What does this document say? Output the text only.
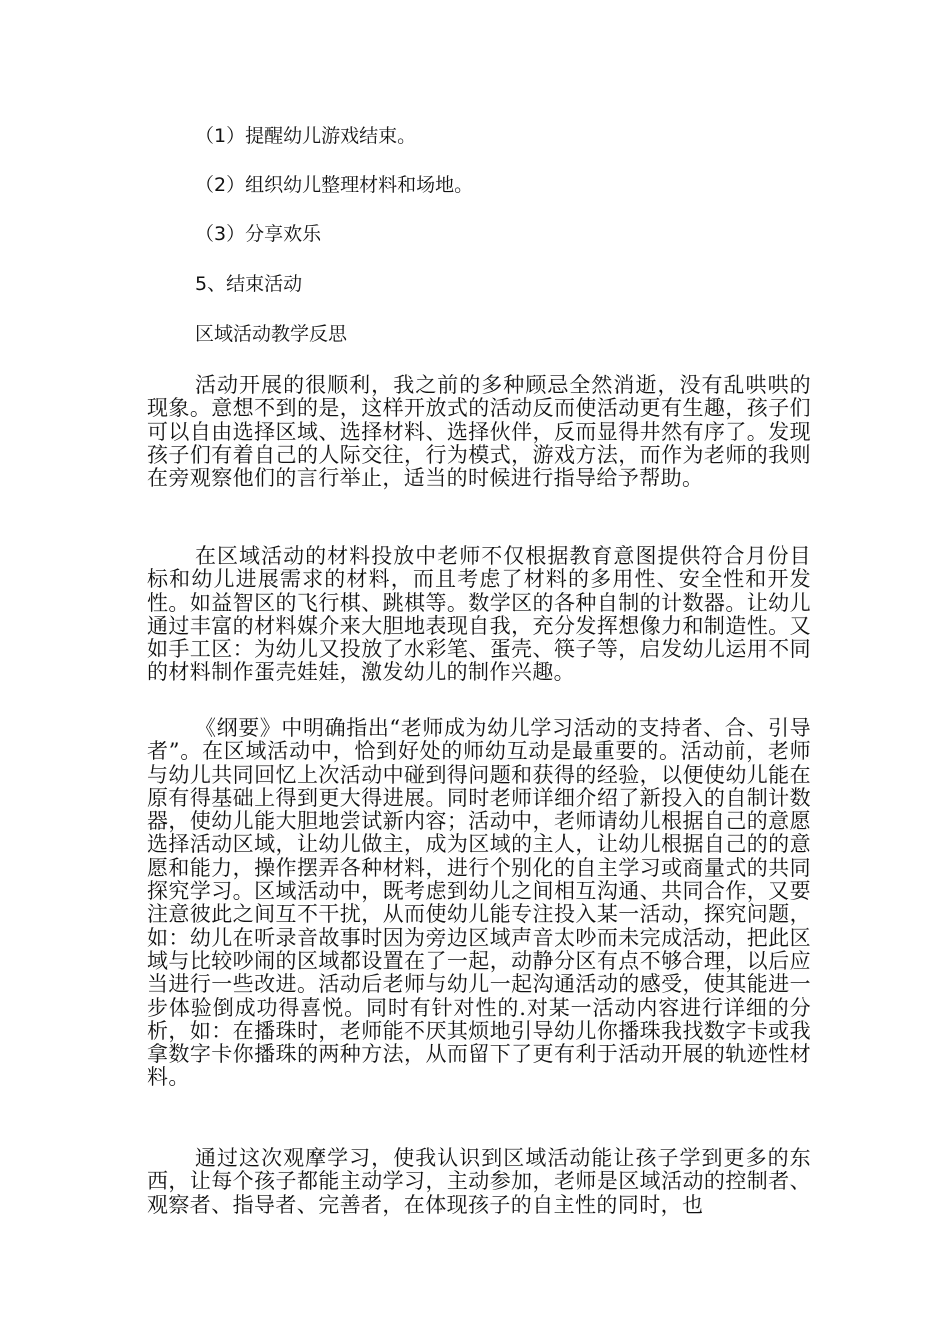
（1）提醒幼儿游戏结束。

（2）组织幼儿整理材料和场地。

（3）分享欢乐

5、结束活动

区域活动教学反思

活动开展的很顺利，我之前的多种顾忌全然消逝，没有乱哄哄的现象。意想不到的是，这样开放式的活动反而使活动更有生趣，孩子们可以自由选择区域、选择材料、选择伙伴，反而显得井然有序了。发现孩子们有着自己的人际交往，行为模式，游戏方法，而作为老师的我则在旁观察他们的言行举止，适当的时候进行指导给予帮助。

在区域活动的材料投放中老师不仅根据教育意图提供符合月份目标和幼儿进展需求的材料，而且考虑了材料的多用性、安全性和开发性。如益智区的飞行棋、跳棋等。数学区的各种自制的计数器。让幼儿通过丰富的材料媒介来大胆地表现自我，充分发挥想像力和制造性。又如手工区：为幼儿又投放了水彩笔、蛋壳、筷子等，启发幼儿运用不同的材料制作蛋壳娃娃，激发幼儿的制作兴趣。

《纲要》中明确指出“老师成为幼儿学习活动的支持者、合、引导者”。在区域活动中，恰到好处的师幼互动是最重要的。活动前，老师与幼儿共同回忆上次活动中碰到得问题和获得的经验，以便使幼儿能在原有得基础上得到更大得进展。同时老师详细介绍了新投入的自制计数器，使幼儿能大胆地尝试新内容；活动中，老师请幼儿根据自己的意愿选择活动区域，让幼儿做主，成为区域的主人，让幼儿根据自己的的意愿和能力，操作摆弄各种材料，进行个别化的自主学习或商量式的共同探究学习。区域活动中，既考虑到幼儿之间相互沟通、共同合作，又要注意彼此之间互不干扰，从而使幼儿能专注投入某一活动，探究问题，如：幼儿在听录音故事时因为旁边区域声音太吵而未完成活动，把此区域与比较吵闹的区域都设置在了一起，动静分区有点不够合理，以后应当进行一些改进。活动后老师与幼儿一起沟通活动的感受，使其能进一步体验倒成功得喜悦。同时有针对性的.对某一活动内容进行详细的分析，如：在播珠时，老师能不厌其烦地引导幼儿你播珠我找数字卡或我拿数字卡你播珠的两种方法，从而留下了更有利于活动开展的轨迹性材料。

通过这次观摩学习，使我认识到区域活动能让孩子学到更多的东西，让每个孩子都能主动学习，主动参加，老师是区域活动的控制者、观察者、指导者、完善者，在体现孩子的自主性的同时，也
